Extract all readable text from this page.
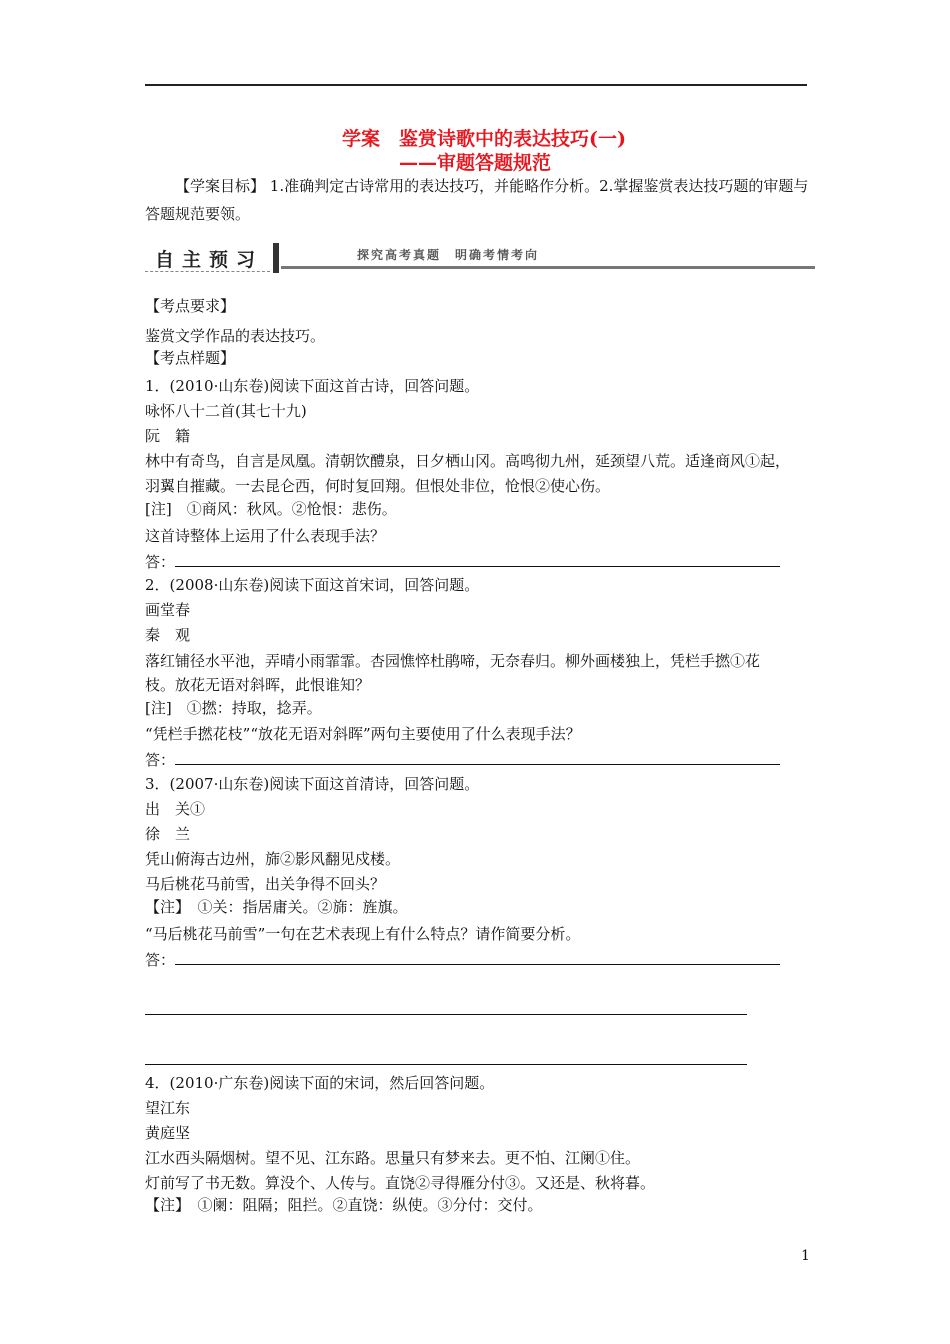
学案　鉴赏诗歌中的表达技巧(一)
——审题答题规范
【学案目标】 1.准确判定古诗常用的表达技巧，并能略作分析。2.掌握鉴赏表达技巧题的审题与答题规范要领。
自主预习	探究高考真题　明确考情考向
【考点要求】
鉴赏文学作品的表达技巧。
【考点样题】
1．(2010·山东卷)阅读下面这首古诗，回答问题。
咏怀八十二首(其七十九)
阮　籍
林中有奇鸟，自言是凤凰。清朝饮醴泉，日夕栖山冈。高鸣彻九州，延颈望八荒。适逢商风①起，
羽翼自摧藏。一去昆仑西，何时复回翔。但恨处非位，怆恨②使心伤。
[注]　①商风：秋风。②怆恨：悲伤。
这首诗整体上运用了什么表现手法？
答：
2．(2008·山东卷)阅读下面这首宋词，回答问题。
画堂春
秦　观
落红铺径水平池，弄晴小雨霏霏。杏园憔悴杜鹃啼，无奈春归。柳外画楼独上，凭栏手撚①花
枝。放花无语对斜晖，此恨谁知？
[注]　①撚：持取，捻弄。
“凭栏手撚花枝”“放花无语对斜晖”两句主要使用了什么表现手法？
答：
3．(2007·山东卷)阅读下面这首清诗，回答问题。
出　关①
徐　兰
凭山俯海古边州，旆②影风翻见戍楼。
马后桃花马前雪，出关争得不回头？
【注】　①关：指居庸关。②旆：旌旗。
“马后桃花马前雪”一句在艺术表现上有什么特点？请作简要分析。
答：
4．(2010·广东卷)阅读下面的宋词，然后回答问题。
望江东
黄庭坚
江水西头隔烟树。望不见、江东路。思量只有梦来去。更不怕、江阑①住。
灯前写了书无数。算没个、人传与。直饶②寻得雁分付③。又还是、秋将暮。
【注】　①阑：阻隔；阻拦。②直饶：纵使。③分付：交付。
1
